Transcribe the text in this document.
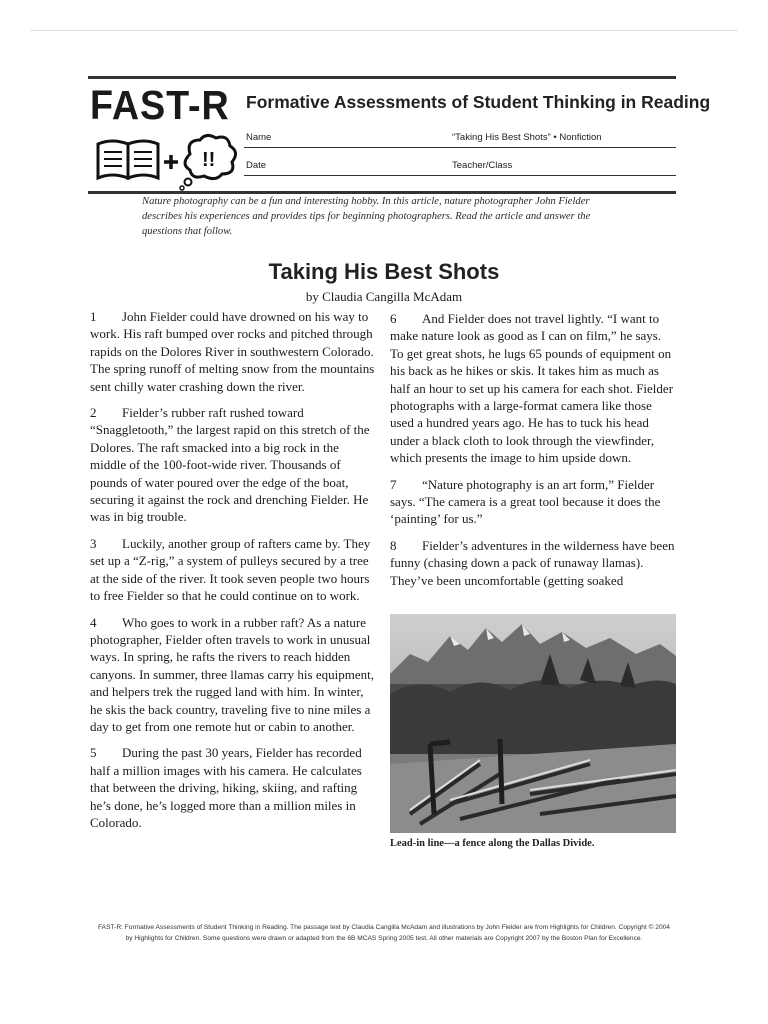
FAST-R Formative Assessments of Student Thinking in Reading
!!
Name	“Taking His Best Shots” • Nonfiction
Date	Teacher/Class
Nature photography can be a fun and interesting hobby. In this article, nature photographer John Fielder describes his experiences and provides tips for beginning photographers. Read the article and answer the questions that follow.
Taking His Best Shots
by Claudia Cangilla McAdam

1 John Fielder could have drowned on his way to work. His raft bumped over rocks and pitched through rapids on the Dolores River in southwestern Colorado. The spring runoff of melting snow from the mountains sent chilly water crashing down the river.

2 Fielder’s rubber raft rushed toward “Snaggletooth,” the largest rapid on this stretch of the Dolores. The raft smacked into a big rock in the middle of the 100-foot-wide river. Thousands of pounds of water poured over the edge of the boat, securing it against the rock and drenching Fielder. He was in big trouble.

3 Luckily, another group of rafters came by. They set up a “Z-rig,” a system of pulleys secured by a tree at the side of the river. It took seven people two hours to free Fielder so that he could continue on to work.

4 Who goes to work in a rubber raft? As a nature photographer, Fielder often travels to work in unusual ways. In spring, he rafts the rivers to reach hidden canyons. In summer, three llamas carry his equipment, and helpers trek the rugged land with him. In winter, he skis the back country, traveling five to nine miles a day to get from one remote hut or cabin to another.

5 During the past 30 years, Fielder has recorded half a million images with his camera. He calculates that between the driving, hiking, skiing, and rafting he’s done, he’s logged more than a million miles in Colorado.

6 And Fielder does not travel lightly. “I want to make nature look as good as I can on film,” he says. To get great shots, he lugs 65 pounds of equipment on his back as he hikes or skis. It takes him as much as half an hour to set up his camera for each shot. Fielder photographs with a large-format camera like those used a hundred years ago. He has to tuck his head under a black cloth to look through the viewfinder, which presents the image to him upside down.

7 “Nature photography is an art form,” Fielder says. “The camera is a great tool because it does the ‘painting’ for us.”

8 Fielder’s adventures in the wilderness have been funny (chasing down a pack of runaway llamas). They’ve been uncomfortable (getting soaked

Lead-in line—a fence along the Dallas Divide.
FAST-R: Formative Assessments of Student Thinking in Reading. The passage text by Claudia Cangilla McAdam and illustrations by John Fielder are from Highlights for Children. Copyright © 2004
by Highlights for Children. Some questions were drawn or adapted from the 6B MCAS Spring 2005 test. All other materials are Copyright 2007 by the Boston Plan for Excellence.
